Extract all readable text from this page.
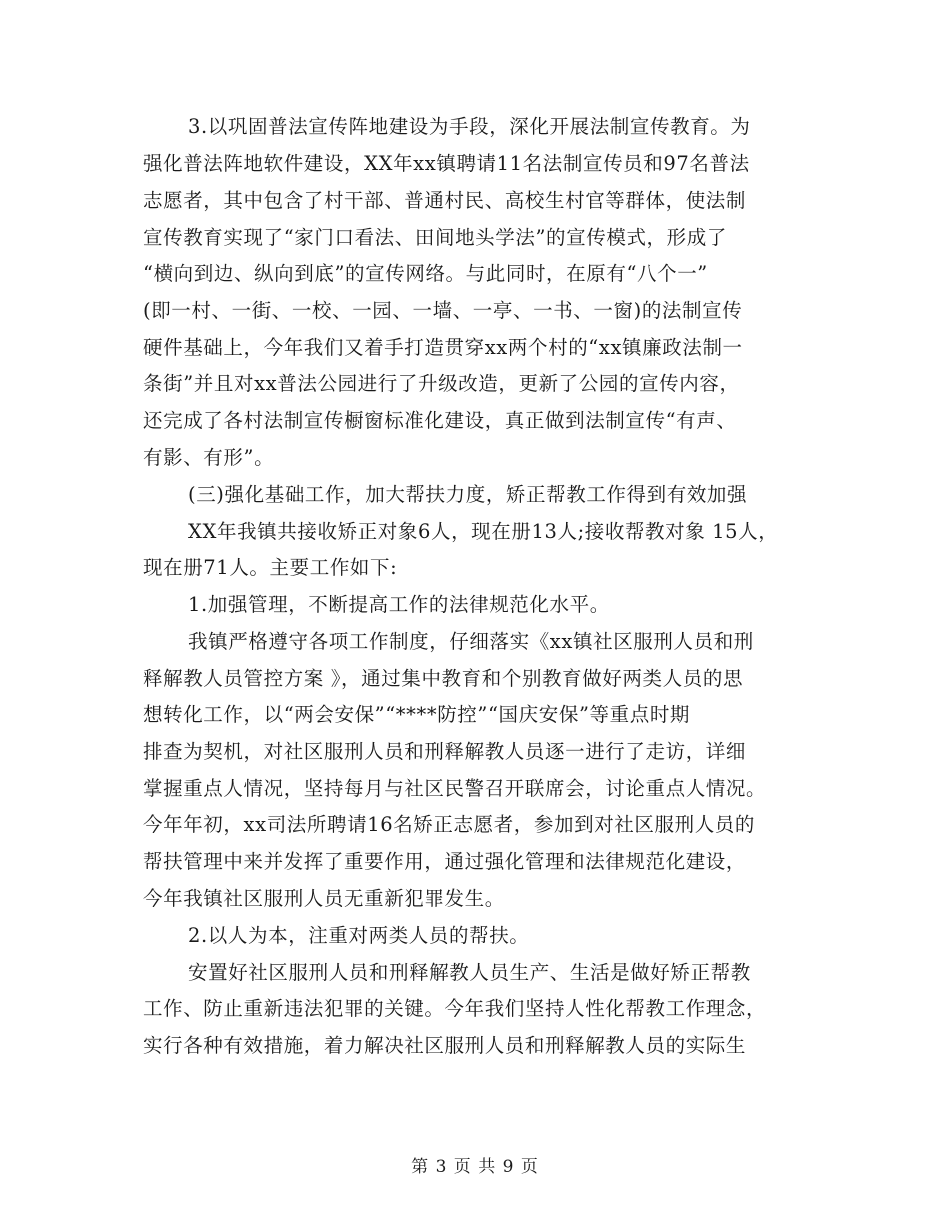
3.以巩固普法宣传阵地建设为手段，深化开展法制宣传教育。为
强化普法阵地软件建设，XX年xx镇聘请11名法制宣传员和97名普法
志愿者，其中包含了村干部、普通村民、高校生村官等群体，使法制
宣传教育实现了“家门口看法、田间地头学法”的宣传模式，形成了
“横向到边、纵向到底”的宣传网络。与此同时，在原有“八个一”
(即一村、一街、一校、一园、一墙、一亭、一书、一窗)的法制宣传
硬件基础上，今年我们又着手打造贯穿xx两个村的“xx镇廉政法制一
条街”并且对xx普法公园进行了升级改造，更新了公园的宣传内容，
还完成了各村法制宣传橱窗标准化建设，真正做到法制宣传“有声、
有影、有形”。
(三)强化基础工作，加大帮扶力度，矫正帮教工作得到有效加强
XX年我镇共接收矫正对象6人，现在册13人;接收帮教对象 15人，
现在册71人。主要工作如下:
1.加强管理，不断提高工作的法律规范化水平。
我镇严格遵守各项工作制度，仔细落实《xx镇社区服刑人员和刑
释解教人员管控方案 》，通过集中教育和个别教育做好两类人员的思
想转化工作，以“两会安保”“****防控”“国庆安保”等重点时期
排查为契机，对社区服刑人员和刑释解教人员逐一进行了走访，详细
掌握重点人情况，坚持每月与社区民警召开联席会，讨论重点人情况。
今年年初，xx司法所聘请16名矫正志愿者，参加到对社区服刑人员的
帮扶管理中来并发挥了重要作用，通过强化管理和法律规范化建设，
今年我镇社区服刑人员无重新犯罪发生。
2.以人为本，注重对两类人员的帮扶。
安置好社区服刑人员和刑释解教人员生产、生活是做好矫正帮教
工作、防止重新违法犯罪的关键。今年我们坚持人性化帮教工作理念，
实行各种有效措施，着力解决社区服刑人员和刑释解教人员的实际生
第 3 页 共 9 页
